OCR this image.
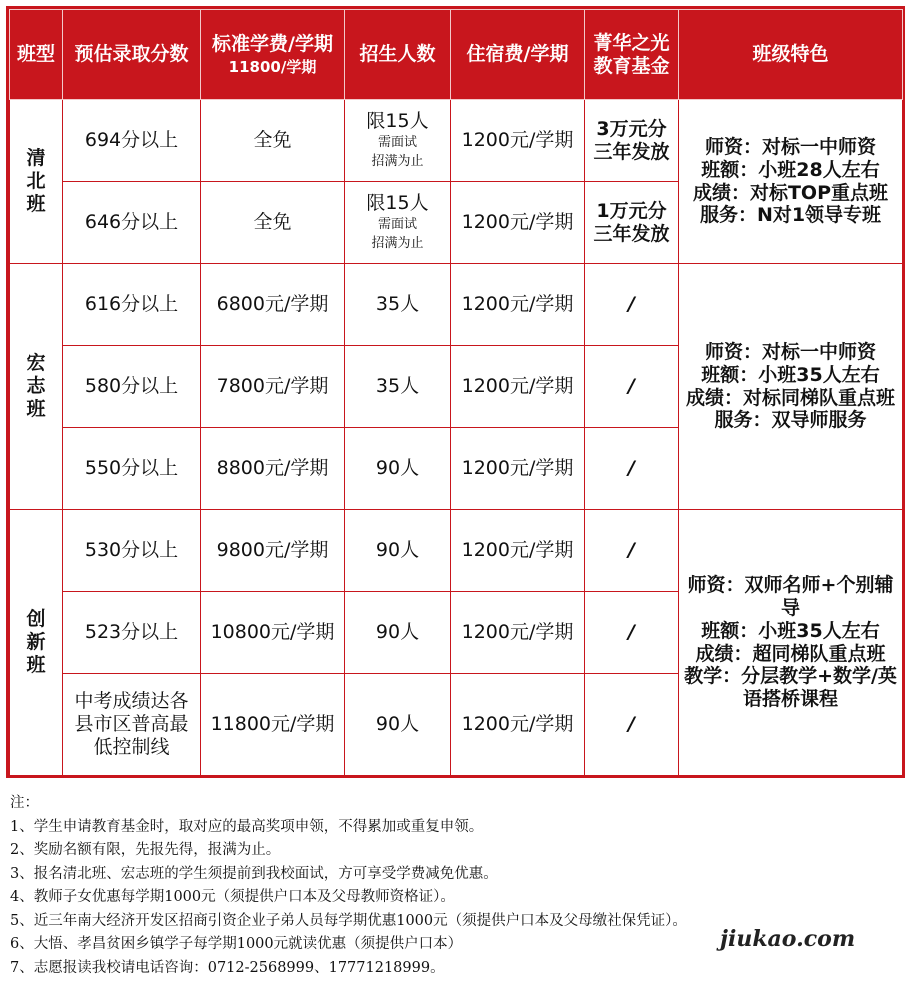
班型	预估录取分数	标准学费/学期
11800/学期	招生人数	住宿费/学期	菁华之光
教育基金	班级特色

清
北
班	694分以上	全免	限15人
需面试
招满为止	1200元/学期	3万元分
三年发放	师资：对标一中师资
班额：小班28人左右
成绩：对标TOP重点班
服务：N对1领导专班

	646分以上	全免	限15人
需面试
招满为止	1200元/学期	1万元分
三年发放	

宏
志
班	616分以上	6800元/学期	35人	1200元/学期	/	师资：对标一中师资
班额：小班35人左右
成绩：对标同梯队重点班
服务：双导师服务

	580分以上	7800元/学期	35人	1200元/学期	/	
	550分以上	8800元/学期	90人	1200元/学期	/	

创
新
班	530分以上	9800元/学期	90人	1200元/学期	/	师资：双师名师+个别辅导
班额：小班35人左右
成绩：超同梯队重点班
教学：分层教学+数学/英
语搭桥课程

	523分以上	10800元/学期	90人	1200元/学期	/	

	中考成绩达各
县市区普高最
低控制线	11800元/学期	90人	1200元/学期	/	
注：
1、学生申请教育基金时，取对应的最高奖项申领，不得累加或重复申领。
2、奖励名额有限，先报先得，报满为止。
3、报名清北班、宏志班的学生须提前到我校面试，方可享受学费减免优惠。
4、教师子女优惠每学期1000元（须提供户口本及父母教师资格证）。
5、近三年南大经济开发区招商引资企业子弟人员每学期优惠1000元（须提供户口本及父母缴社保凭证）。
6、大悟、孝昌贫困乡镇学子每学期1000元就读优惠（须提供户口本）
7、志愿报读我校请电话咨询：0712-2568999、17771218999。
jiukao.com
